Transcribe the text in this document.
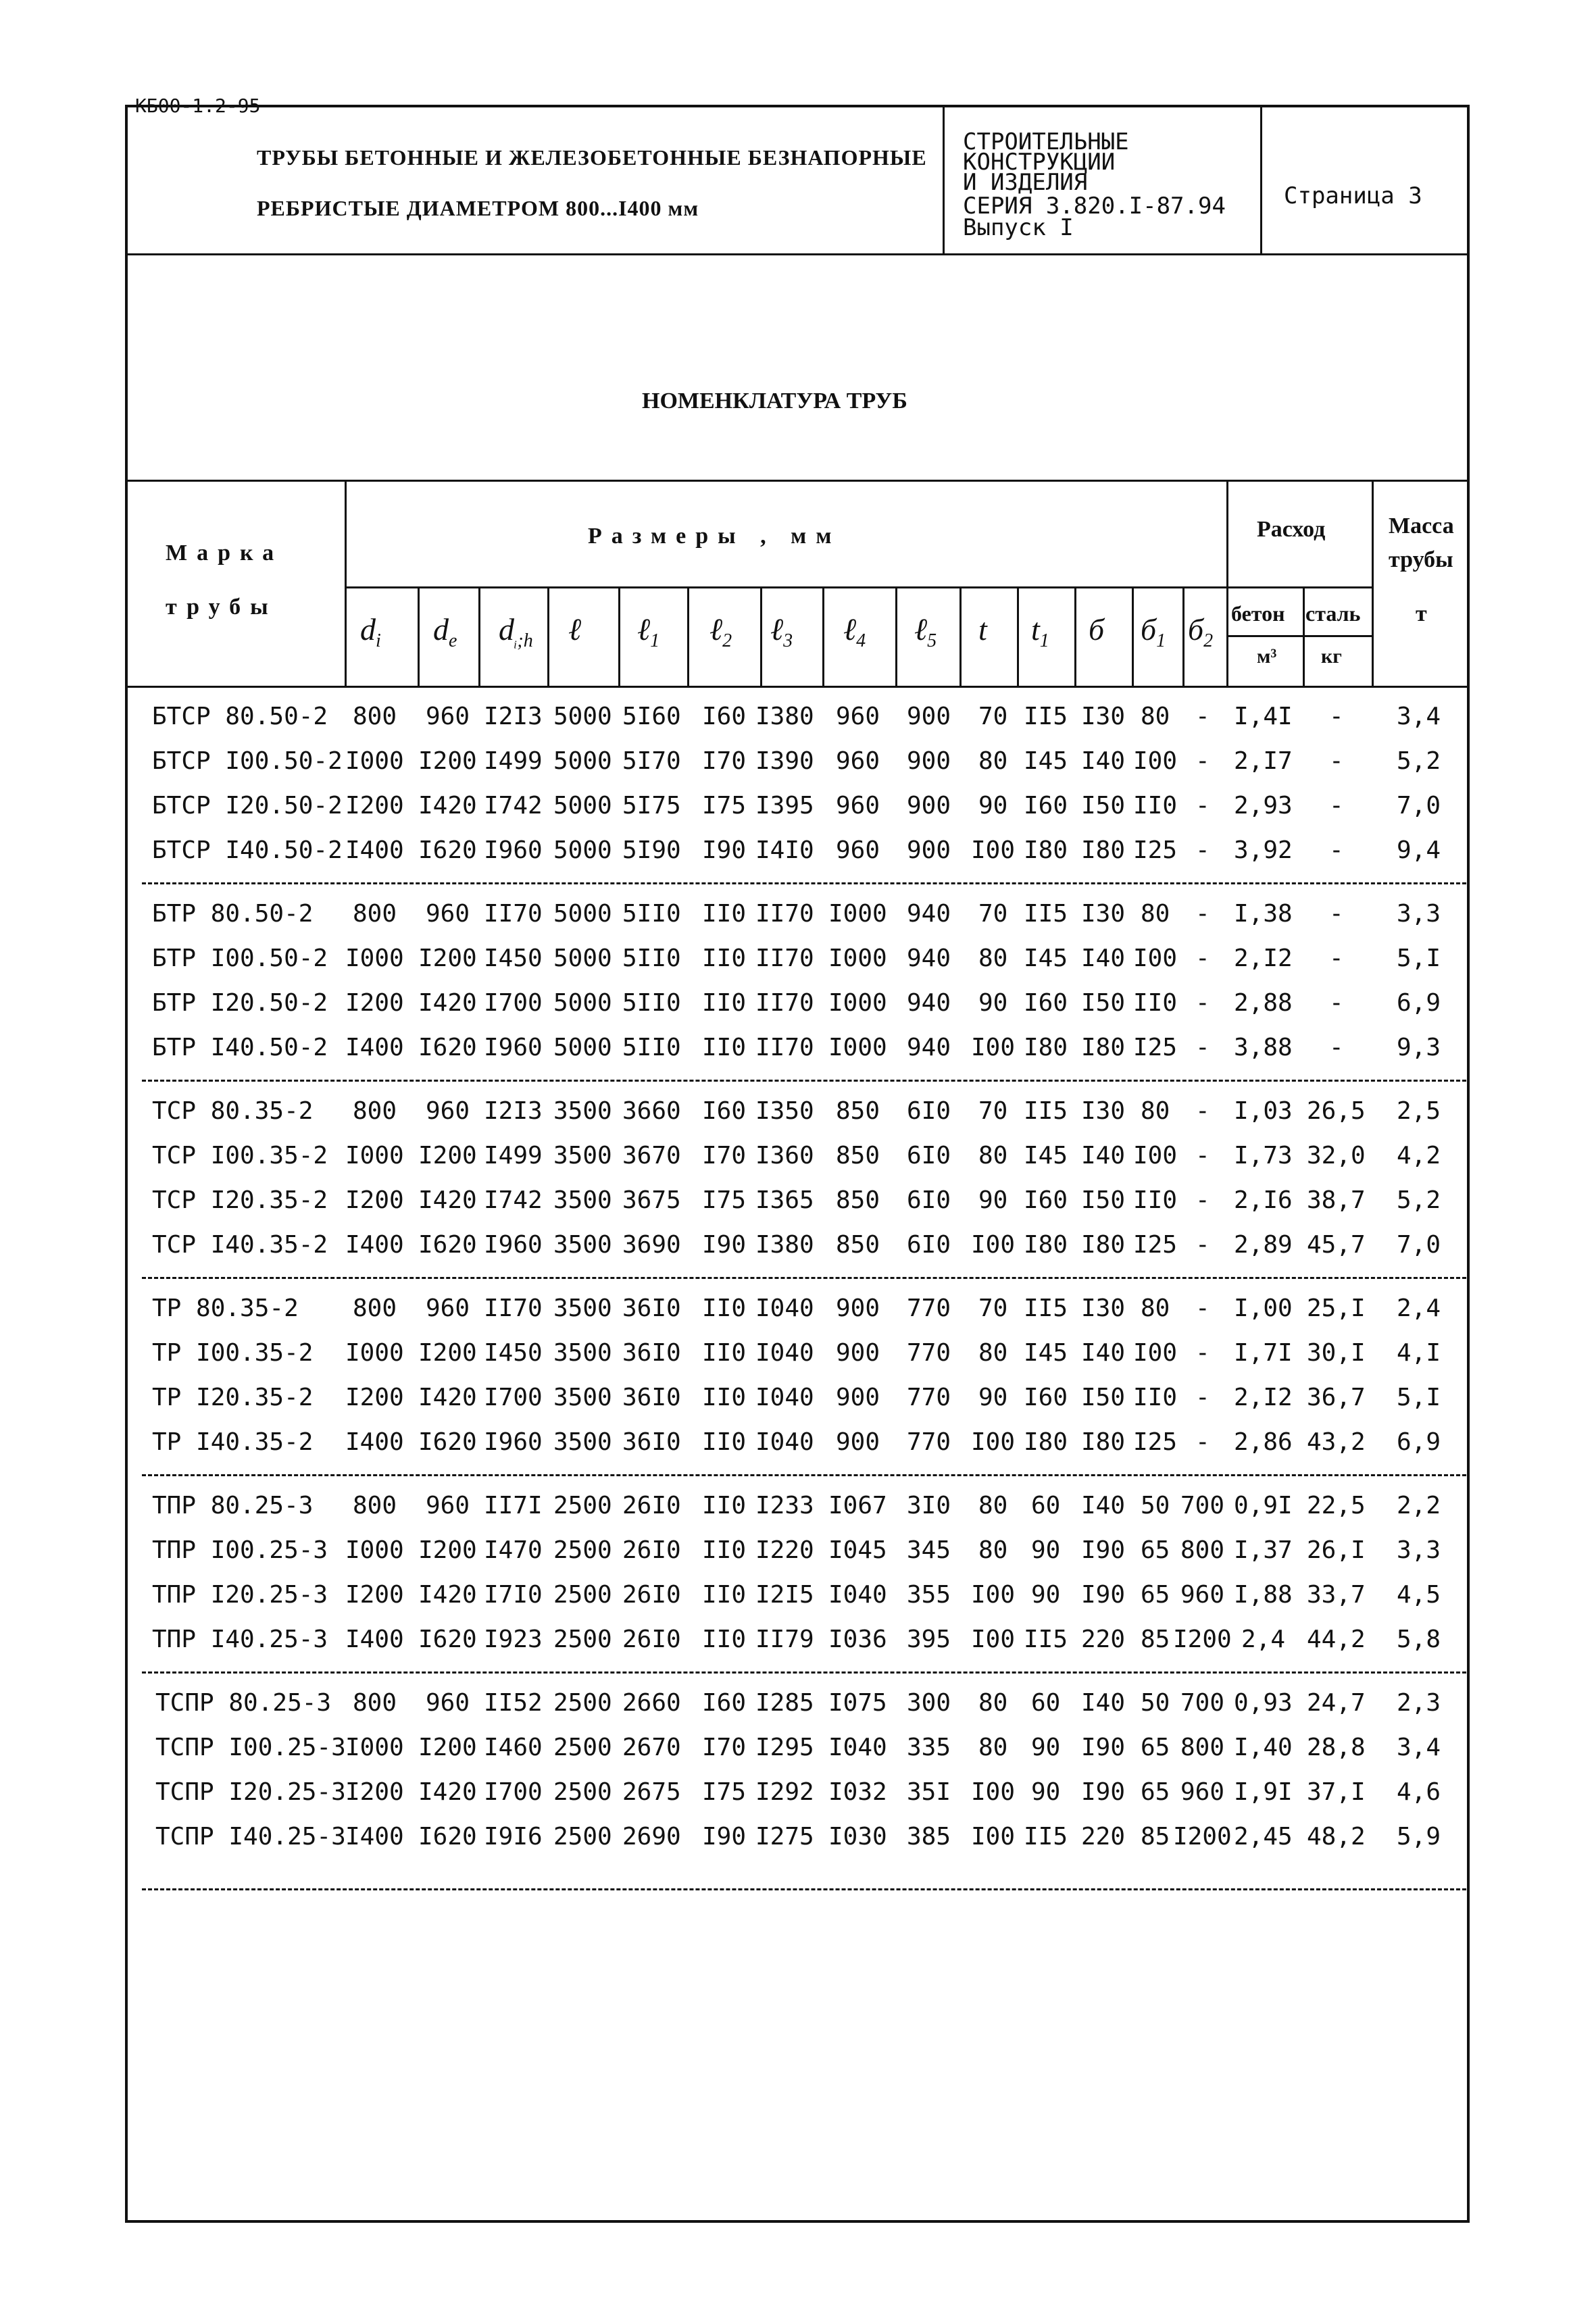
КБ00-1.2-95
ТРУБЫ БЕТОННЫЕ И ЖЕЛЕЗОБЕТОННЫЕ БЕЗНАПОРНЫЕ
РЕБРИСТЫЕ ДИАМЕТРОМ 800...I400 мм
СТРОИТЕЛЬНЫЕ
КОНСТРУКЦИИ
И ИЗДЕЛИЯ
СЕРИЯ 3.820.I-87.94
Выпуск I
Страница 3
НОМЕНКЛАТУРА ТРУБ
Марка
трубы
Размеры , мм	Расход	Масса
трубы
т
бетон
м³
сталь
кг
$d_i$ $d_e$ $d_{ᵢ;h}$ ℓ ℓ$_1$ ℓ$_2$ ℓ$_3$ ℓ$_4$ ℓ$_5$ t $t_1$ б $б_1$ $б_2$
БТСР 80.50-2 800 960 I2I3 5000 5I60 I60 I380 960 900 70 II5 I30 80 - I,4I - 3,4
БТСР I00.50-2 I000 I200 I499 5000 5I70 I70 I390 960 900 80 I45 I40 I00 - 2,I7 - 5,2
БТСР I20.50-2 I200 I420 I742 5000 5I75 I75 I395 960 900 90 I60 I50 II0 - 2,93 - 7,0
БТСР I40.50-2 I400 I620 I960 5000 5I90 I90 I4I0 960 900 I00 I80 I80 I25 - 3,92 - 9,4
БТР 80.50-2 800 960 II70 5000 5II0 II0 II70 I000 940 70 II5 I30 80 - I,38 - 3,3
БТР I00.50-2 I000 I200 I450 5000 5II0 II0 II70 I000 940 80 I45 I40 I00 - 2,I2 - 5,I
БТР I20.50-2 I200 I420 I700 5000 5II0 II0 II70 I000 940 90 I60 I50 II0 - 2,88 - 6,9
БТР I40.50-2 I400 I620 I960 5000 5II0 II0 II70 I000 940 I00 I80 I80 I25 - 3,88 - 9,3
ТСР 80.35-2 800 960 I2I3 3500 3660 I60 I350 850 6I0 70 II5 I30 80 - I,03 26,5 2,5
ТСР I00.35-2 I000 I200 I499 3500 3670 I70 I360 850 6I0 80 I45 I40 I00 - I,73 32,0 4,2
ТСР I20.35-2 I200 I420 I742 3500 3675 I75 I365 850 6I0 90 I60 I50 II0 - 2,I6 38,7 5,2
ТСР I40.35-2 I400 I620 I960 3500 3690 I90 I380 850 6I0 I00 I80 I80 I25 - 2,89 45,7 7,0
ТР 80.35-2 800 960 II70 3500 36I0 II0 I040 900 770 70 II5 I30 80 - I,00 25,I 2,4
ТР I00.35-2 I000 I200 I450 3500 36I0 II0 I040 900 770 80 I45 I40 I00 - I,7I 30,I 4,I
ТР I20.35-2 I200 I420 I700 3500 36I0 II0 I040 900 770 90 I60 I50 II0 - 2,I2 36,7 5,I
ТР I40.35-2 I400 I620 I960 3500 36I0 II0 I040 900 770 I00 I80 I80 I25 - 2,86 43,2 6,9
ТПР 80.25-3 800 960 II7I 2500 26I0 II0 I233 I067 3I0 80 60 I40 50 700 0,9I 22,5 2,2
ТПР I00.25-3 I000 I200 I470 2500 26I0 II0 I220 I045 345 80 90 I90 65 800 I,37 26,I 3,3
ТПР I20.25-3 I200 I420 I7I0 2500 26I0 II0 I2I5 I040 355 I00 90 I90 65 960 I,88 33,7 4,5
ТПР I40.25-3 I400 I620 I923 2500 26I0 II0 II79 I036 395 I00 II5 220 85 I200 2,4 44,2 5,8
ТСПР 80.25-3 800 960 II52 2500 2660 I60 I285 I075 300 80 60 I40 50 700 0,93 24,7 2,3
ТСПР I00.25-3 I000 I200 I460 2500 2670 I70 I295 I040 335 80 90 I90 65 800 I,40 28,8 3,4
ТСПР I20.25-3 I200 I420 I700 2500 2675 I75 I292 I032 35I I00 90 I90 65 960 I,9I 37,I 4,6
ТСПР I40.25-3 I400 I620 I9I6 2500 2690 I90 I275 I030 385 I00 II5 220 85 I200 2,45 48,2 5,9
